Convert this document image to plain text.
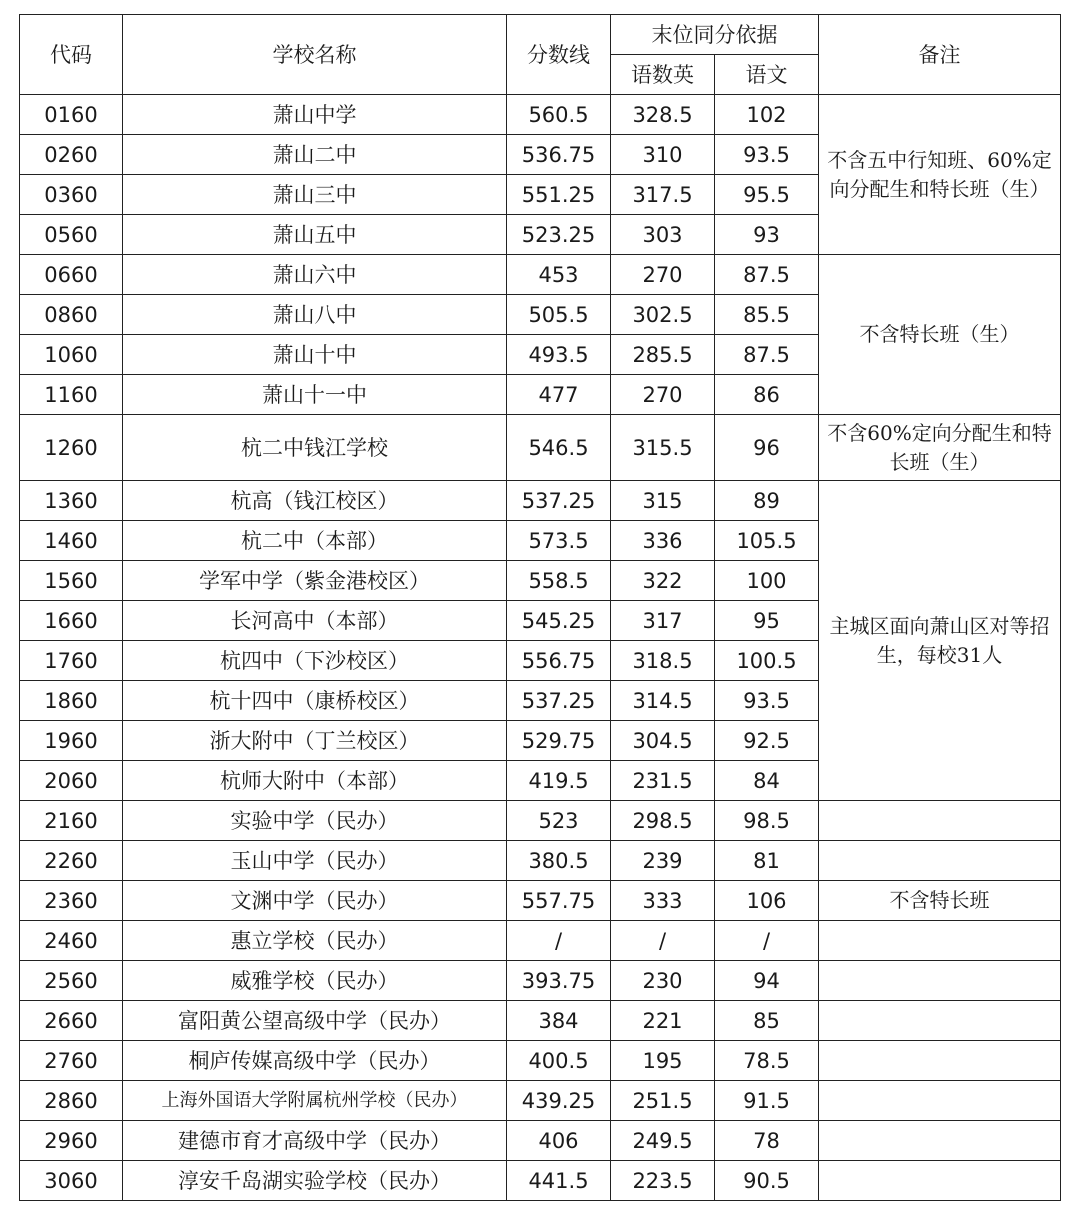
代码	学校名称	分数线	末位同分依据		备注
			语数英	语文	
0160	萧山中学	560.5	328.5	102	不含五中行知班、60%定向分配生和特长班（生）
0260	萧山二中	536.75	310	93.5	
0360	萧山三中	551.25	317.5	95.5	
0560	萧山五中	523.25	303	93	
0660	萧山六中	453	270	87.5	不含特长班（生）
0860	萧山八中	505.5	302.5	85.5	
1060	萧山十中	493.5	285.5	87.5	
1160	萧山十一中	477	270	86	
1260	杭二中钱江学校	546.5	315.5	96	不含60%定向分配生和特长班（生）
1360	杭高（钱江校区）	537.25	315	89	主城区面向萧山区对等招生，每校31人
1460	杭二中（本部）	573.5	336	105.5	
1560	学军中学（紫金港校区）	558.5	322	100	
1660	长河高中（本部）	545.25	317	95	
1760	杭四中（下沙校区）	556.75	318.5	100.5	
1860	杭十四中（康桥校区）	537.25	314.5	93.5	
1960	浙大附中（丁兰校区）	529.75	304.5	92.5	
2060	杭师大附中（本部）	419.5	231.5	84	
2160	实验中学（民办）	523	298.5	98.5	
2260	玉山中学（民办）	380.5	239	81	
2360	文渊中学（民办）	557.75	333	106	不含特长班
2460	惠立学校（民办）	/	/	/	
2560	威雅学校（民办）	393.75	230	94	
2660	富阳黄公望高级中学（民办）	384	221	85	
2760	桐庐传媒高级中学（民办）	400.5	195	78.5	
2860	上海外国语大学附属杭州学校（民办）	439.25	251.5	91.5	
2960	建德市育才高级中学（民办）	406	249.5	78	
3060	淳安千岛湖实验学校（民办）	441.5	223.5	90.5	
